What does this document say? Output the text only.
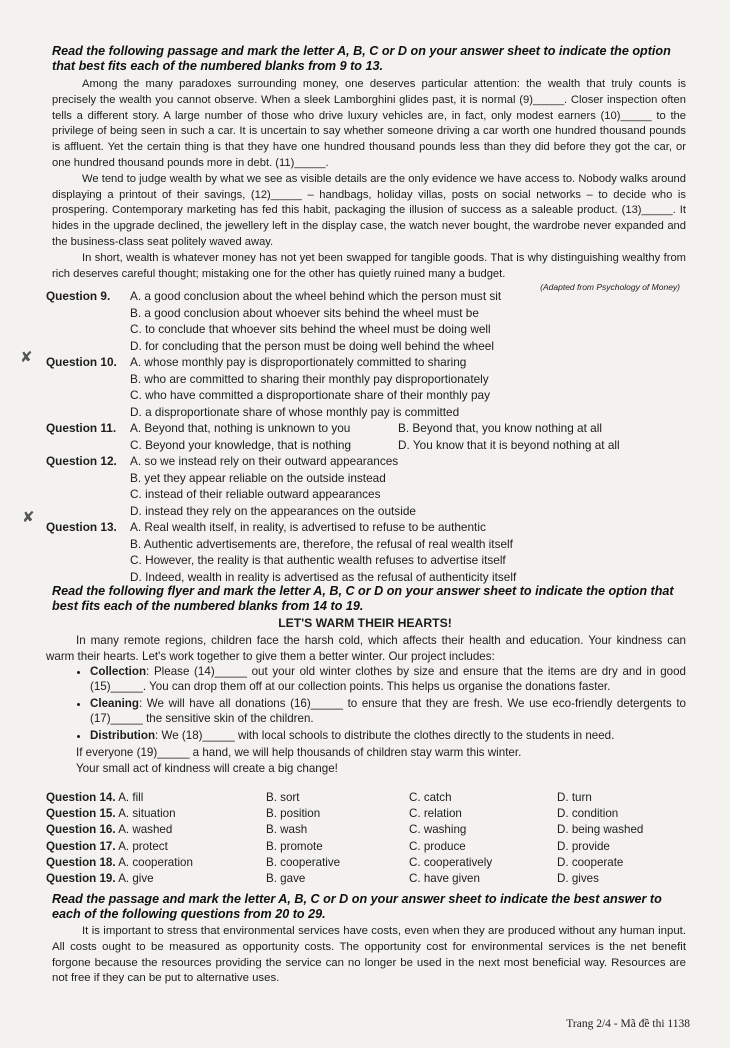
Read the following passage and mark the letter A, B, C or D on your answer sheet to indicate the option that best fits each of the numbered blanks from 9 to 13.

Among the many paradoxes surrounding money, one deserves particular attention: the wealth that truly counts is precisely the wealth you cannot observe. When a sleek Lamborghini glides past, it is normal (9)_____. Closer inspection often tells a different story. A large number of those who drive luxury vehicles are, in fact, only modest earners (10)_____ to the privilege of being seen in such a car. It is uncertain to say whether someone driving a car worth one hundred thousand pounds is affluent. Yet the certain thing is that they have one hundred thousand pounds less than they did before they got the car, or one hundred thousand pounds more in debt. (11)_____.

We tend to judge wealth by what we see as visible details are the only evidence we have access to. Nobody walks around displaying a printout of their savings, (12)_____ – handbags, holiday villas, posts on social networks – to decide who is prospering. Contemporary marketing has fed this habit, packaging the illusion of success as a saleable product. (13)_____. It hides in the upgrade declined, the jewellery left in the display case, the watch never bought, the wardrobe never expanded and the business-class seat politely waved away.

In short, wealth is whatever money has not yet been swapped for tangible goods. That is why distinguishing wealthy from rich deserves careful thought; mistaking one for the other has quietly ruined many a budget.

(Adapted from Psychology of Money)

Question 9.	A. a good conclusion about the wheel behind which the person must sit
B. a good conclusion about whoever sits behind the wheel must be
C. to conclude that whoever sits behind the wheel must be doing well
D. for concluding that the person must be doing well behind the wheel
Question 10.	A. whose monthly pay is disproportionately committed to sharing
B. who are committed to sharing their monthly pay disproportionately
C. who have committed a disproportionate share of their monthly pay
D. a disproportionate share of whose monthly pay is committed
Question 11.	A. Beyond that, nothing is unknown to you	B. Beyond that, you know nothing at all
C. Beyond your knowledge, that is nothing	D. You know that it is beyond nothing at all
Question 12.	A. so we instead rely on their outward appearances
B. yet they appear reliable on the outside instead
C. instead of their reliable outward appearances
D. instead they rely on the appearances on the outside
Question 13.	A. Real wealth itself, in reality, is advertised to refuse to be authentic
B. Authentic advertisements are, therefore, the refusal of real wealth itself
C. However, the reality is that authentic wealth refuses to advertise itself
D. Indeed, wealth in reality is advertised as the refusal of authenticity itself

Read the following flyer and mark the letter A, B, C or D on your answer sheet to indicate the option that best fits each of the numbered blanks from 14 to 19.

LET'S WARM THEIR HEARTS!

In many remote regions, children face the harsh cold, which affects their health and education. Your kindness can warm their hearts. Let's work together to give them a better winter. Our project includes:

• Collection: Please (14)_____ out your old winter clothes by size and ensure that the items are dry and in good (15)_____. You can drop them off at our collection points. This helps us organise the donations faster.
• Cleaning: We will have all donations (16)_____ to ensure that they are fresh. We use eco-friendly detergents to (17)_____ the sensitive skin of the children.
• Distribution: We (18)_____ with local schools to distribute the clothes directly to the students in need.

If everyone (19)_____ a hand, we will help thousands of children stay warm this winter.

Your small act of kindness will create a big change!

Question 14. A. fill	B. sort	C. catch	D. turn
Question 15. A. situation	B. position	C. relation	D. condition
Question 16. A. washed	B. wash	C. washing	D. being washed
Question 17. A. protect	B. promote	C. produce	D. provide
Question 18. A. cooperation	B. cooperative	C. cooperatively	D. cooperate
Question 19. A. give	B. gave	C. have given	D. gives

Read the passage and mark the letter A, B, C or D on your answer sheet to indicate the best answer to each of the following questions from 20 to 29.

It is important to stress that environmental services have costs, even when they are produced without any human input. All costs ought to be measured as opportunity costs. The opportunity cost for environmental services is the net benefit forgone because the resources providing the service can no longer be used in the next most beneficial way. Resources are not free if they can be put to alternative uses.

Trang 2/4 - Mã đề thi 1138
✘
✘
